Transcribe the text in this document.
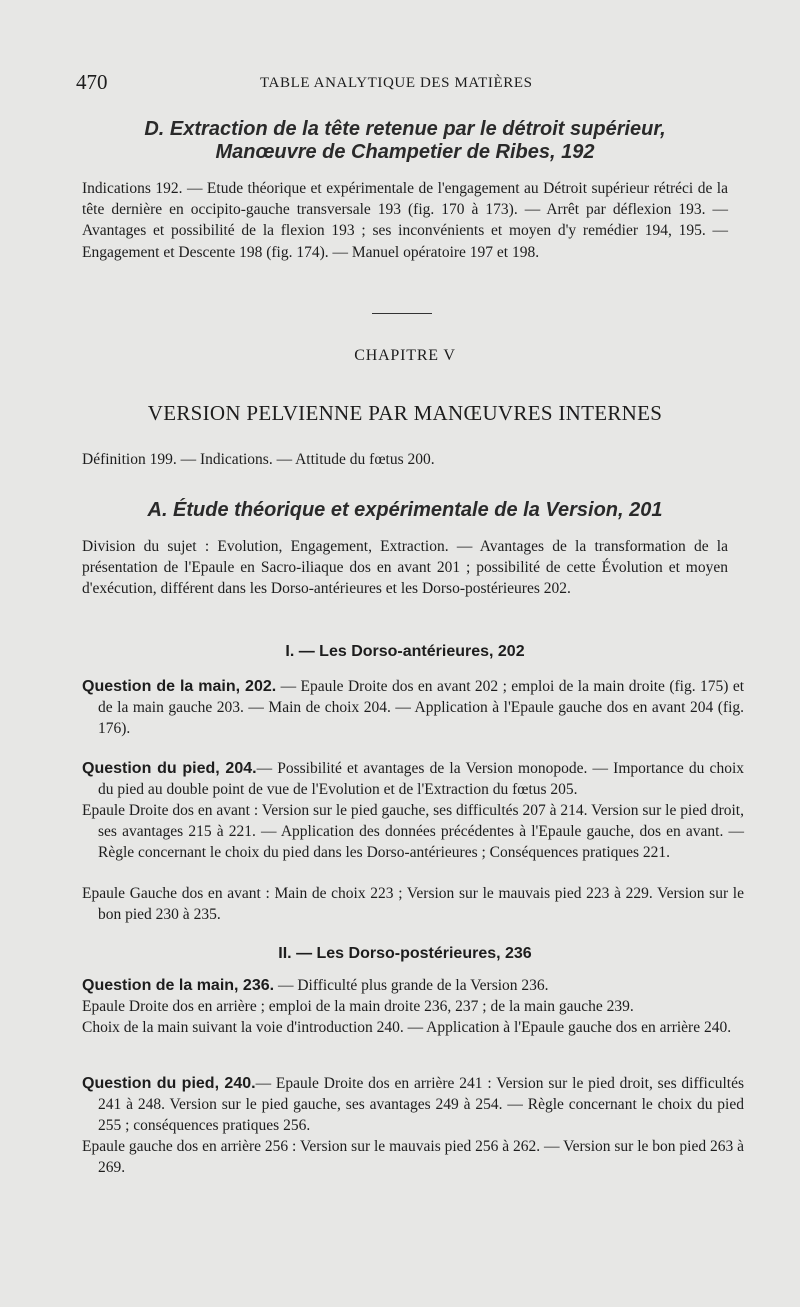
470	TABLE ANALYTIQUE DES MATIÈRES
D. Extraction de la tête retenue par le détroit supérieur,
Manœuvre de Champetier de Ribes, 192
Indications 192. — Etude théorique et expérimentale de l'engagement au Détroit supérieur rétréci de la tête dernière en occipito-gauche transversale 193 (fig. 170 à 173). — Arrêt par déflexion 193. — Avantages et possibilité de la flexion 193 ; ses inconvénients et moyen d'y remédier 194, 195. — Engagement et Descente 198 (fig. 174). — Manuel opératoire 197 et 198.
CHAPITRE V
VERSION PELVIENNE PAR MANŒUVRES INTERNES
Définition 199. — Indications. — Attitude du fœtus 200.
A. Étude théorique et expérimentale de la Version, 201
Division du sujet : Evolution, Engagement, Extraction. — Avantages de la transformation de la présentation de l'Epaule en Sacro-iliaque dos en avant 201 ; possibilité de cette Évolution et moyen d'exécution, différent dans les Dorso-antérieures et les Dorso-postérieures 202.
I. — Les Dorso-antérieures, 202
Question de la main, 202. — Epaule Droite dos en avant 202 ; emploi de la main droite (fig. 175) et de la main gauche 203. — Main de choix 204. — Application à l'Epaule gauche dos en avant 204 (fig. 176).
Question du pied, 204.— Possibilité et avantages de la Version monopode. — Importance du choix du pied au double point de vue de l'Evolution et de l'Extraction du fœtus 205.
Epaule Droite dos en avant : Version sur le pied gauche, ses difficultés 207 à 214. Version sur le pied droit, ses avantages 215 à 221. — Application des données précédentes à l'Epaule gauche, dos en avant. — Règle concernant le choix du pied dans les Dorso-antérieures ; Conséquences pratiques 221.
Epaule Gauche dos en avant : Main de choix 223 ; Version sur le mauvais pied 223 à 229. Version sur le bon pied 230 à 235.
II. — Les Dorso-postérieures, 236
Question de la main, 236. — Difficulté plus grande de la Version 236.
Epaule Droite dos en arrière ; emploi de la main droite 236, 237 ; de la main gauche 239.
Choix de la main suivant la voie d'introduction 240. — Application à l'Epaule gauche dos en arrière 240.
Question du pied, 240.— Epaule Droite dos en arrière 241 : Version sur le pied droit, ses difficultés 241 à 248. Version sur le pied gauche, ses avantages 249 à 254. — Règle concernant le choix du pied 255 ; conséquences pratiques 256.
Epaule gauche dos en arrière 256 : Version sur le mauvais pied 256 à 262. — Version sur le bon pied 263 à 269.
